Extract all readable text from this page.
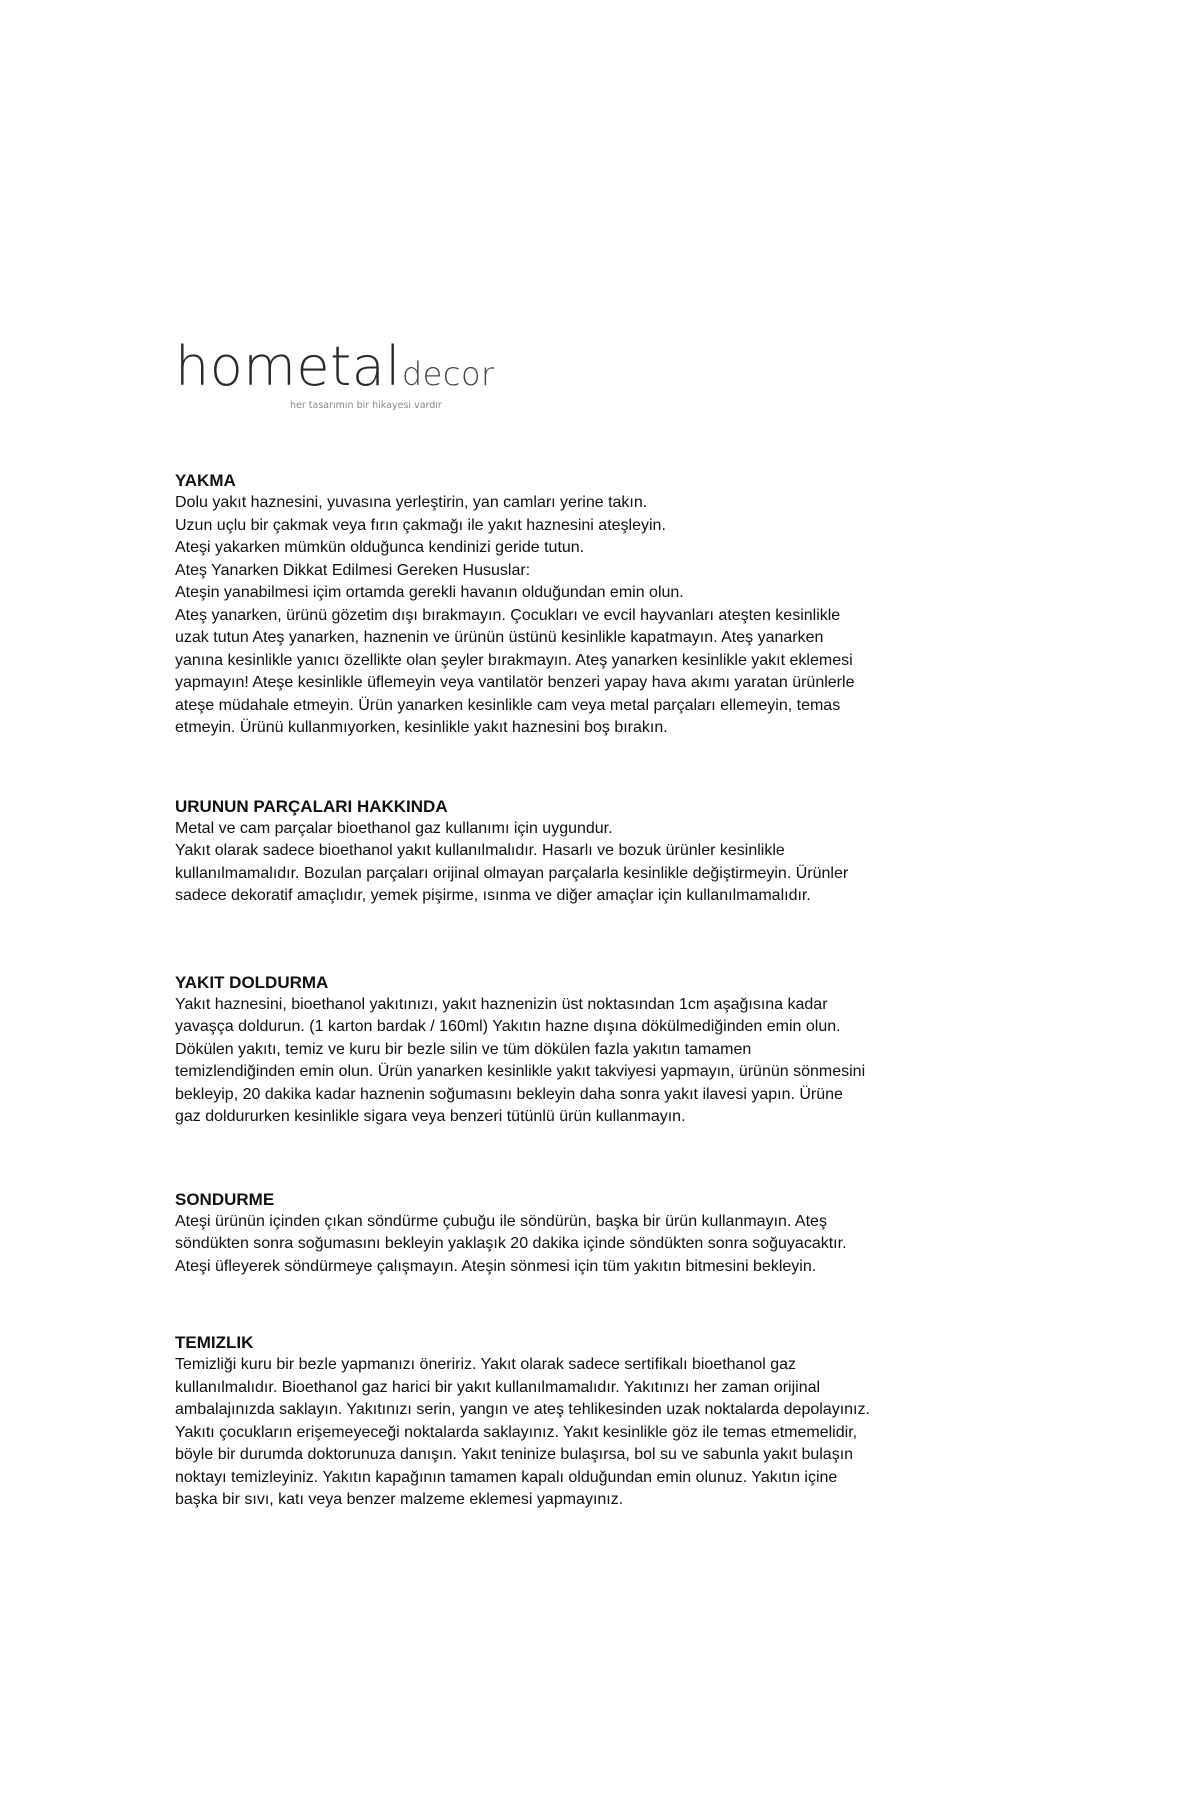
hometaldecor
her tasarımın bir hikayesi vardır
YAKMA

Dolu yakıt haznesini, yuvasına yerleştirin, yan camları yerine takın.

Uzun uçlu bir çakmak veya fırın çakmağı ile yakıt haznesini ateşleyin.

Ateşi yakarken mümkün olduğunca kendinizi geride tutun.

Ateş Yanarken Dikkat Edilmesi Gereken Hususlar:

Ateşin yanabilmesi içim ortamda gerekli havanın olduğundan emin olun.

Ateş yanarken, ürünü gözetim dışı bırakmayın. Çocukları ve evcil hayvanları ateşten kesinlikle

uzak tutun Ateş yanarken, haznenin ve ürünün üstünü kesinlikle kapatmayın. Ateş yanarken

yanına kesinlikle yanıcı özellikte olan şeyler bırakmayın. Ateş yanarken kesinlikle yakıt eklemesi

yapmayın! Ateşe kesinlikle üflemeyin veya vantilatör benzeri yapay hava akımı yaratan ürünlerle

ateşe müdahale etmeyin. Ürün yanarken kesinlikle cam veya metal parçaları ellemeyin, temas

etmeyin. Ürünü kullanmıyorken, kesinlikle yakıt haznesini boş bırakın.

URUNUN PARÇALARI HAKKINDA

Metal ve cam parçalar bioethanol gaz kullanımı için uygundur.

Yakıt olarak sadece bioethanol yakıt kullanılmalıdır. Hasarlı ve bozuk ürünler kesinlikle

kullanılmamalıdır. Bozulan parçaları orijinal olmayan parçalarla kesinlikle değiştirmeyin. Ürünler

sadece dekoratif amaçlıdır, yemek pişirme, ısınma ve diğer amaçlar için kullanılmamalıdır.

YAKIT DOLDURMA

Yakıt haznesini, bioethanol yakıtınızı, yakıt haznenizin üst noktasından 1cm aşağısına kadar

yavaşça doldurun. (1 karton bardak / 160ml) Yakıtın hazne dışına dökülmediğinden emin olun.

Dökülen yakıtı, temiz ve kuru bir bezle silin ve tüm dökülen fazla yakıtın tamamen

temizlendiğinden emin olun. Ürün yanarken kesinlikle yakıt takviyesi yapmayın, ürünün sönmesini

bekleyip, 20 dakika kadar haznenin soğumasını bekleyin daha sonra yakıt ilavesi yapın. Ürüne

gaz doldururken kesinlikle sigara veya benzeri tütünlü ürün kullanmayın.

SONDURME

Ateşi ürünün içinden çıkan söndürme çubuğu ile söndürün, başka bir ürün kullanmayın. Ateş

söndükten sonra soğumasını bekleyin yaklaşık 20 dakika içinde söndükten sonra soğuyacaktır.

Ateşi üfleyerek söndürmeye çalışmayın. Ateşin sönmesi için tüm yakıtın bitmesini bekleyin.

TEMIZLIK

Temizliği kuru bir bezle yapmanızı öneririz. Yakıt olarak sadece sertifikalı bioethanol gaz

kullanılmalıdır. Bioethanol gaz harici bir yakıt kullanılmamalıdır. Yakıtınızı her zaman orijinal

ambalajınızda saklayın. Yakıtınızı serin, yangın ve ateş tehlikesinden uzak noktalarda depolayınız.

Yakıtı çocukların erişemeyeceği noktalarda saklayınız. Yakıt kesinlikle göz ile temas etmemelidir,

böyle bir durumda doktorunuza danışın. Yakıt teninize bulaşırsa, bol su ve sabunla yakıt bulaşın

noktayı temizleyiniz. Yakıtın kapağının tamamen kapalı olduğundan emin olunuz. Yakıtın içine

başka bir sıvı, katı veya benzer malzeme eklemesi yapmayınız.
